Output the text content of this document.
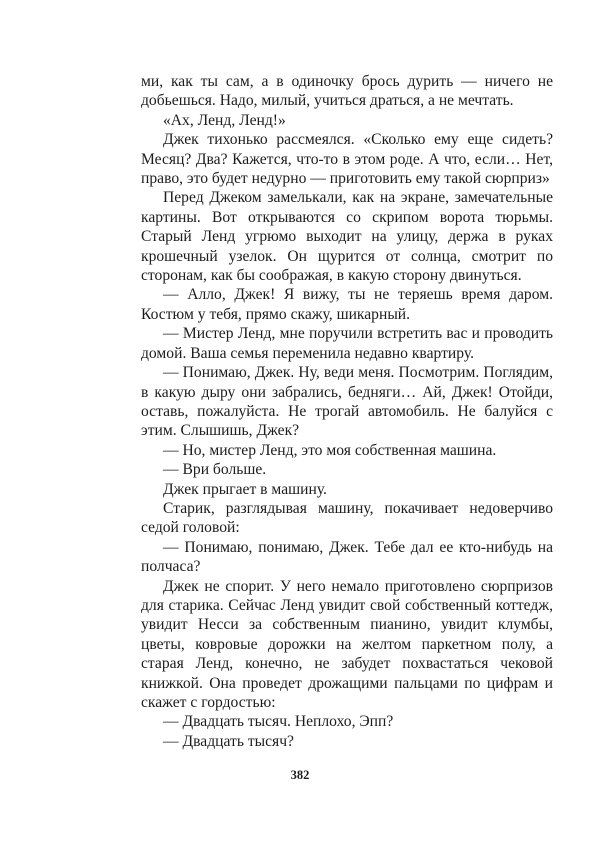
ми, как ты сам, а в одиночку брось дурить — ничего не добьешься. Надо, милый, учиться драться, а не мечтать.

«Ах, Ленд, Ленд!»

Джек тихонько рассмеялся. «Сколько ему еще сидеть? Месяц? Два? Кажется, что-то в этом роде. А что, если… Нет, право, это будет недурно — приготовить ему такой сюрприз»

Перед Джеком замелькали, как на экране, замечательные картины. Вот открываются со скрипом ворота тюрьмы. Старый Ленд угрюмо выходит на улицу, держа в руках крошечный узелок. Он щурится от солнца, смотрит по сторонам, как бы соображая, в какую сторону двинуться.

— Алло, Джек! Я вижу, ты не теряешь время даром. Костюм у тебя, прямо скажу, шикарный.

— Мистер Ленд, мне поручили встретить вас и проводить домой. Ваша семья переменила недавно квартиру.

— Понимаю, Джек. Ну, веди меня. Посмотрим. Поглядим, в какую дыру они забрались, бедняги… Ай, Джек! Отойди, оставь, пожалуйста. Не трогай автомобиль. Не балуйся с этим. Слышишь, Джек?

— Но, мистер Ленд, это моя собственная машина.

— Ври больше.

Джек прыгает в машину.

Старик, разглядывая машину, покачивает недоверчиво седой головой:

— Понимаю, понимаю, Джек. Тебе дал ее кто-нибудь на полчаса?

Джек не спорит. У него немало приготовлено сюрпризов для старика. Сейчас Ленд увидит свой собственный коттедж, увидит Несси за собственным пианино, увидит клумбы, цветы, ковровые дорожки на желтом паркетном полу, а старая Ленд, конечно, не забудет похвастаться чековой книжкой. Она проведет дрожащими пальцами по цифрам и скажет с гордостью:

— Двадцать тысяч. Неплохо, Эпп?

— Двадцать тысяч?

382
